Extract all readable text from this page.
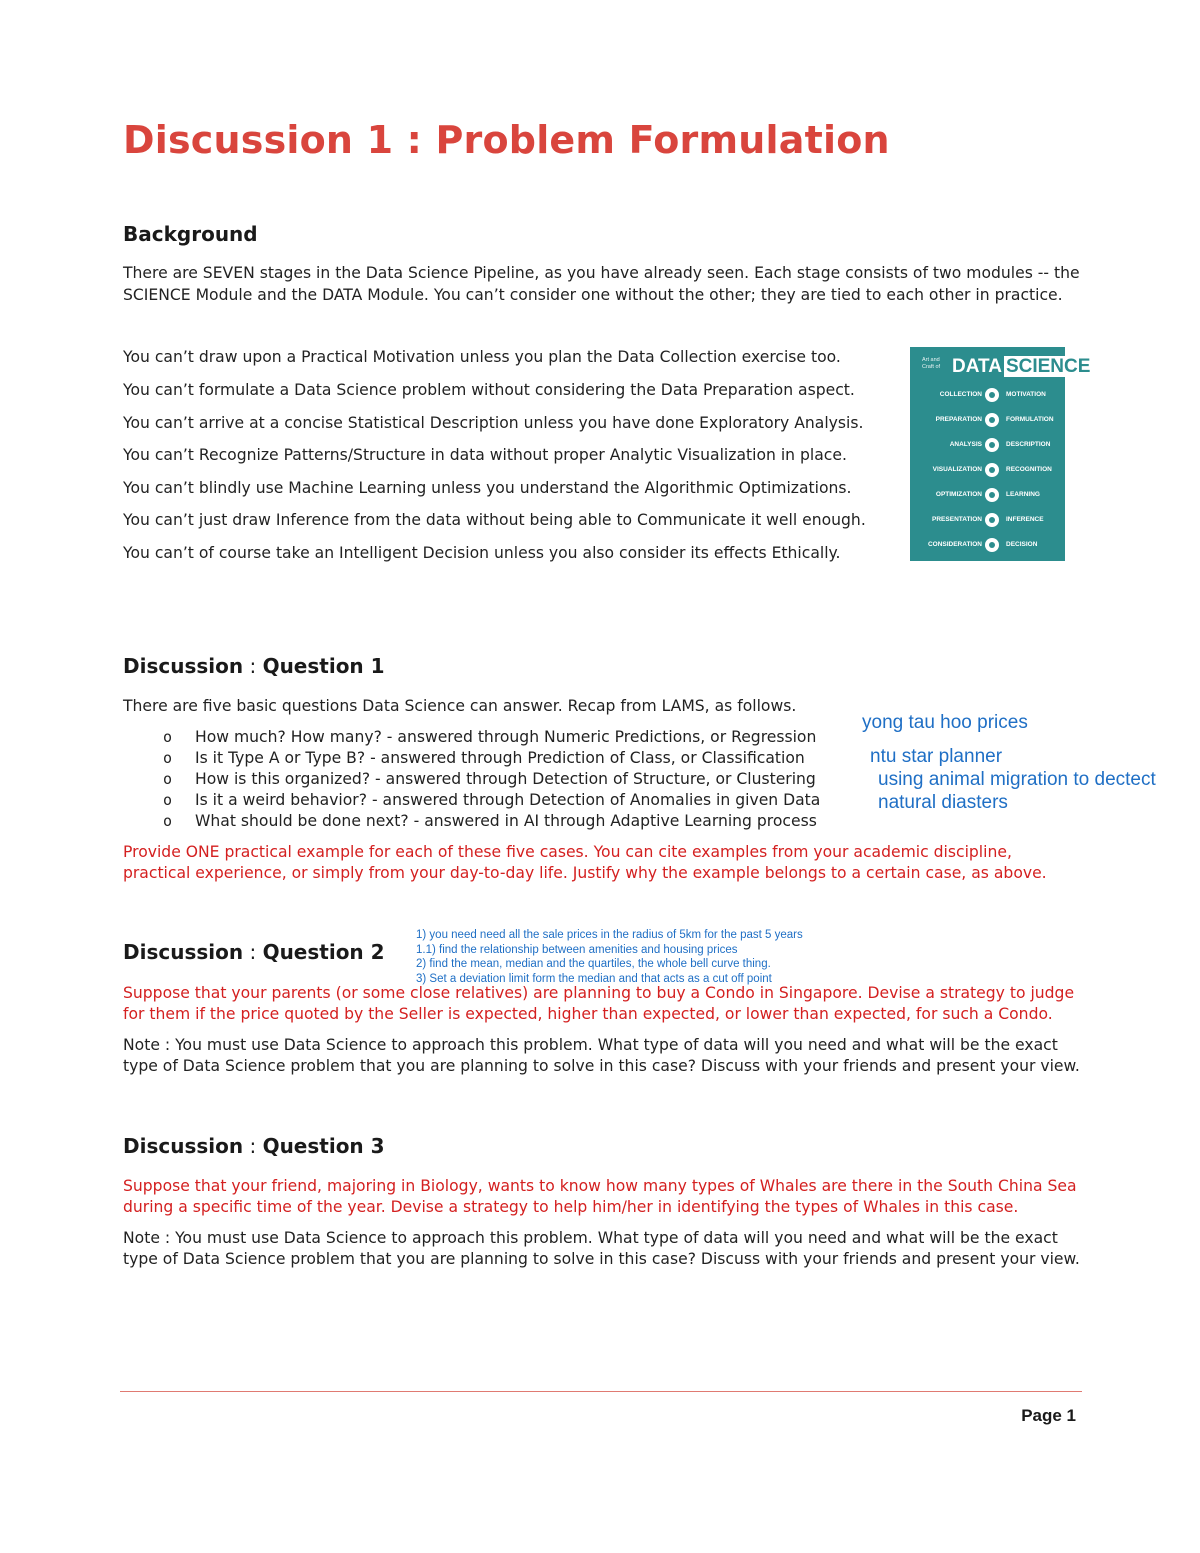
Discussion 1 : Problem Formulation
Background
There are SEVEN stages in the Data Science Pipeline, as you have already seen. Each stage consists of two modules -- the
SCIENCE Module and the DATA Module. You can’t consider one without the other; they are tied to each other in practice.
You can’t draw upon a Practical Motivation unless you plan the Data Collection exercise too.
You can’t formulate a Data Science problem without considering the Data Preparation aspect.
You can’t arrive at a concise Statistical Description unless you have done Exploratory Analysis.
You can’t Recognize Patterns/Structure in data without proper Analytic Visualization in place.
You can’t blindly use Machine Learning unless you understand the Algorithmic Optimizations.
You can’t just draw Inference from the data without being able to Communicate it well enough.
You can’t of course take an Intelligent Decision unless you also consider its effects Ethically.
Art and Craft of DATA SCIENCE
COLLECTION	MOTIVATION
PREPARATION	FORMULATION
ANALYSIS	DESCRIPTION
VISUALIZATION	RECOGNITION
OPTIMIZATION	LEARNING
PRESENTATION	INFERENCE
CONSIDERATION	DECISION
Discussion : Question 1
There are five basic questions Data Science can answer. Recap from LAMS, as follows.
o How much? How many? - answered through Numeric Predictions, or Regression
o Is it Type A or Type B? - answered through Prediction of Class, or Classification
o How is this organized? - answered through Detection of Structure, or Clustering
o Is it a weird behavior? - answered through Detection of Anomalies in given Data
o What should be done next? - answered in AI through Adaptive Learning process
Provide ONE practical example for each of these five cases. You can cite examples from your academic discipline,
practical experience, or simply from your day-to-day life. Justify why the example belongs to a certain case, as above.
yong tau hoo prices
ntu star planner
using animal migration to dectect
natural diasters
Discussion : Question 2
1) you need need all the sale prices in the radius of 5km for the past 5 years
1.1) find the relationship between amenities and housing prices
2) find the mean, median and the quartiles, the whole bell curve thing.
3) Set a deviation limit form the median and that acts as a cut off point
Suppose that your parents (or some close relatives) are planning to buy a Condo in Singapore. Devise a strategy to judge
for them if the price quoted by the Seller is expected, higher than expected, or lower than expected, for such a Condo.
Note : You must use Data Science to approach this problem. What type of data will you need and what will be the exact
type of Data Science problem that you are planning to solve in this case? Discuss with your friends and present your view.
Discussion : Question 3
Suppose that your friend, majoring in Biology, wants to know how many types of Whales are there in the South China Sea
during a specific time of the year. Devise a strategy to help him/her in identifying the types of Whales in this case.
Note : You must use Data Science to approach this problem. What type of data will you need and what will be the exact
type of Data Science problem that you are planning to solve in this case? Discuss with your friends and present your view.
Page 1
